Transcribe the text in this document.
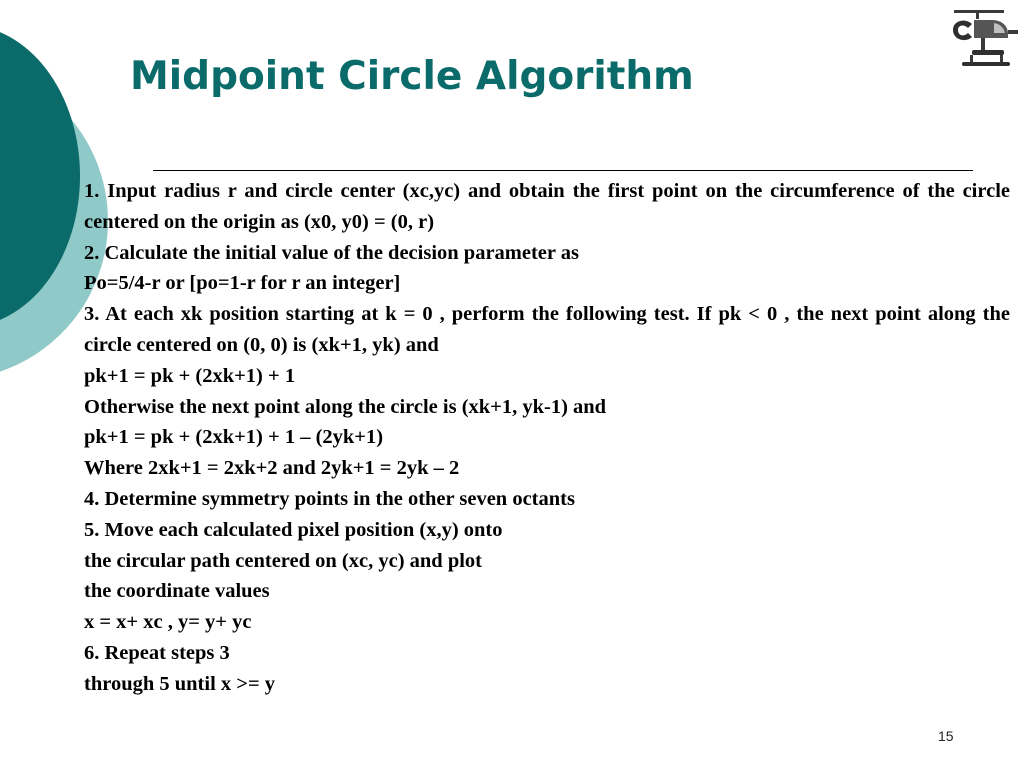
Midpoint Circle Algorithm

1. Input radius r and circle center (xc,yc) and obtain the first point on the circumference of the circle centered on the origin as (x0, y0) = (0, r)

2. Calculate the initial value of the decision parameter as

Po=5/4-r or [po=1-r for r an integer]

3. At each xk position starting at k = 0 , perform the following test. If pk < 0 , the next point along the circle centered on (0, 0) is (xk+1, yk) and

pk+1 = pk + (2xk+1) + 1

Otherwise the next point along the circle is (xk+1, yk-1) and

pk+1 = pk + (2xk+1) + 1 – (2yk+1)

Where 2xk+1 = 2xk+2 and 2yk+1 = 2yk – 2

4. Determine symmetry points in the other seven octants

5. Move each calculated pixel position (x,y) onto

the circular path centered on (xc, yc) and plot

the coordinate values

x = x+ xc , y= y+ yc

6. Repeat steps 3

through 5 until x >= y

15
